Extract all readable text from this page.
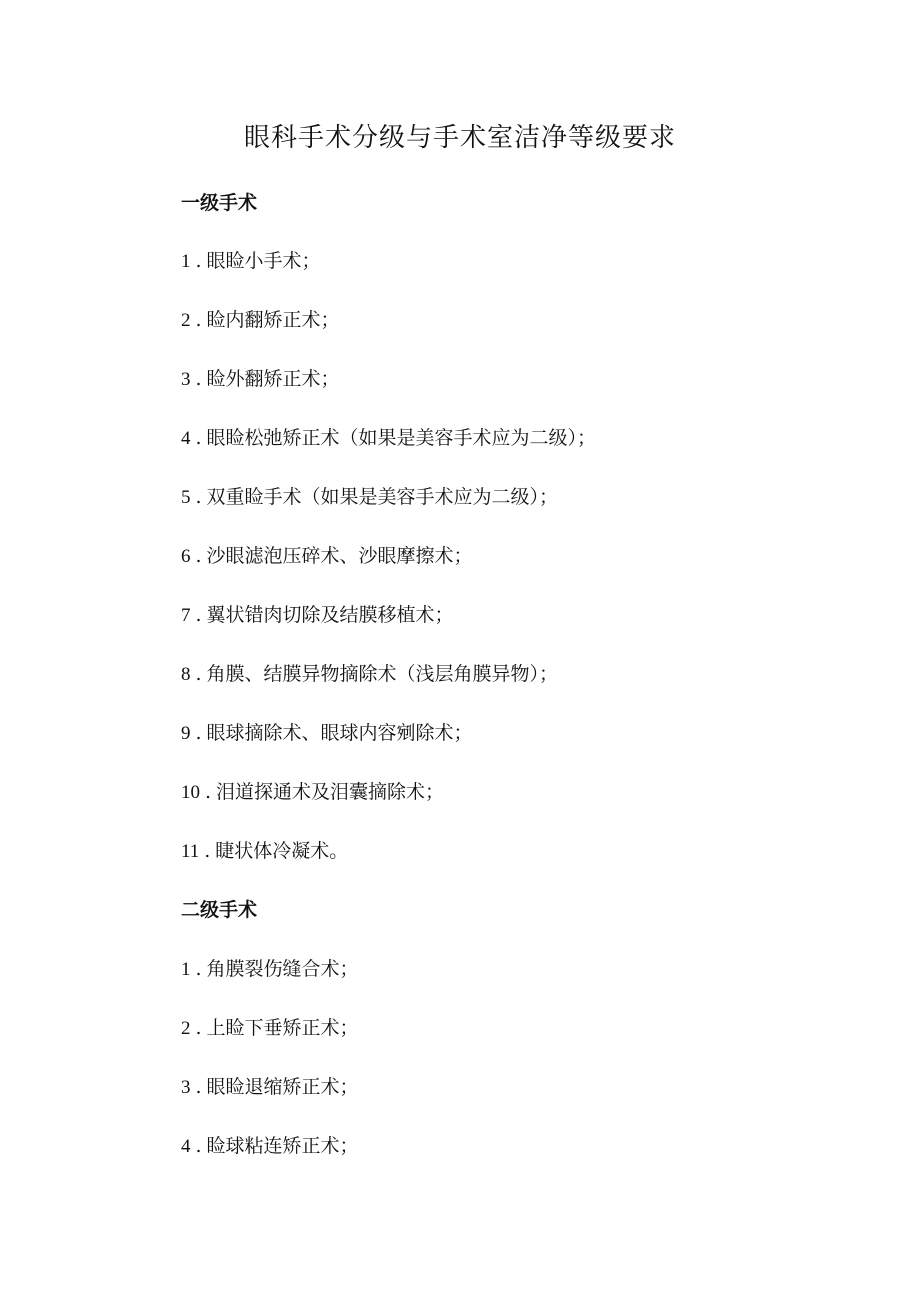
眼科手术分级与手术室洁净等级要求
一级手术
1 . 眼睑小手术；
2 . 睑内翻矫正术；
3 . 睑外翻矫正术；
4 . 眼睑松弛矫正术（如果是美容手术应为二级）；
5 . 双重睑手术（如果是美容手术应为二级）；
6 . 沙眼滤泡压碎术、沙眼摩擦术；
7 . 翼状错肉切除及结膜移植术；
8 . 角膜、结膜异物摘除术（浅层角膜异物）；
9 . 眼球摘除术、眼球内容剜除术；
10 . 泪道探通术及泪囊摘除术；
11 . 睫状体冷凝术。
二级手术
1 . 角膜裂伤缝合术；
2 . 上睑下垂矫正术；
3 . 眼睑退缩矫正术；
4 . 睑球粘连矫正术；
